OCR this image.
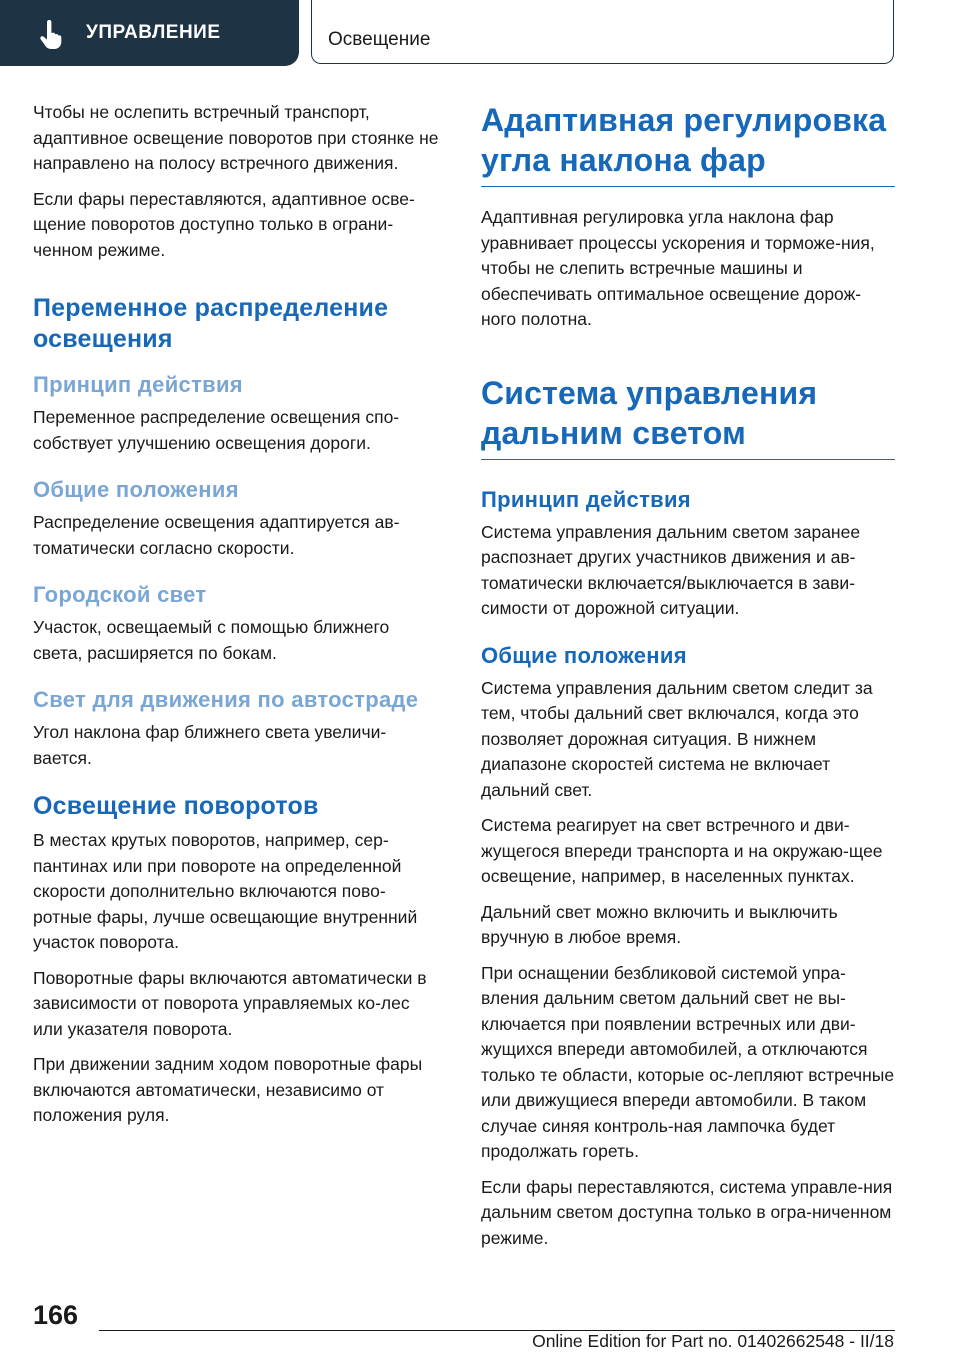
УПРАВЛЕНИЕ	Освещение

Чтобы не ослепить встречный транспорт, адаптивное освещение поворотов при стоянке не направлено на полосу встречного движения.

Если фары переставляются, адаптивное осве-щение поворотов доступно только в ограни-ченном режиме.

Переменное распределение освещения
Принцип действия

Переменное распределение освещения спо-собствует улучшению освещения дороги.

Общие положения

Распределение освещения адаптируется ав-томатически согласно скорости.

Городской свет

Участок, освещаемый с помощью ближнего света, расширяется по бокам.

Свет для движения по автостраде

Угол наклона фар ближнего света увеличи-вается.

Освещение поворотов

В местах крутых поворотов, например, сер-пантинах или при повороте на определенной скорости дополнительно включаются пово-ротные фары, лучше освещающие внутренний участок поворота.

Поворотные фары включаются автоматически в зависимости от поворота управляемых ко-лес или указателя поворота.

При движении задним ходом поворотные фары включаются автоматически, независимо от положения руля.

Адаптивная регулировка угла наклона фар

Адаптивная регулировка угла наклона фар уравнивает процессы ускорения и торможе-ния, чтобы не слепить встречные машины и обеспечивать оптимальное освещение дорож-ного полотна.

Система управления дальним светом
Принцип действия

Система управления дальним светом заранее распознает других участников движения и ав-томатически включается/выключается в зави-симости от дорожной ситуации.

Общие положения

Система управления дальним светом следит за тем, чтобы дальний свет включался, когда это позволяет дорожная ситуация. В нижнем диапазоне скоростей система не включает дальний свет.

Система реагирует на свет встречного и дви-жущегося впереди транспорта и на окружаю-щее освещение, например, в населенных пунктах.

Дальний свет можно включить и выключить вручную в любое время.

При оснащении безбликовой системой упра-вления дальним светом дальний свет не вы-ключается при появлении встречных или дви-жущихся впереди автомобилей, а отключаются только те области, которые ос-лепляют встречные или движущиеся впереди автомобили. В таком случае синяя контроль-ная лампочка будет продолжать гореть.

Если фары переставляются, система управле-ния дальним светом доступна только в огра-ниченном режиме.

166
Online Edition for Part no. 01402662548 - II/18
